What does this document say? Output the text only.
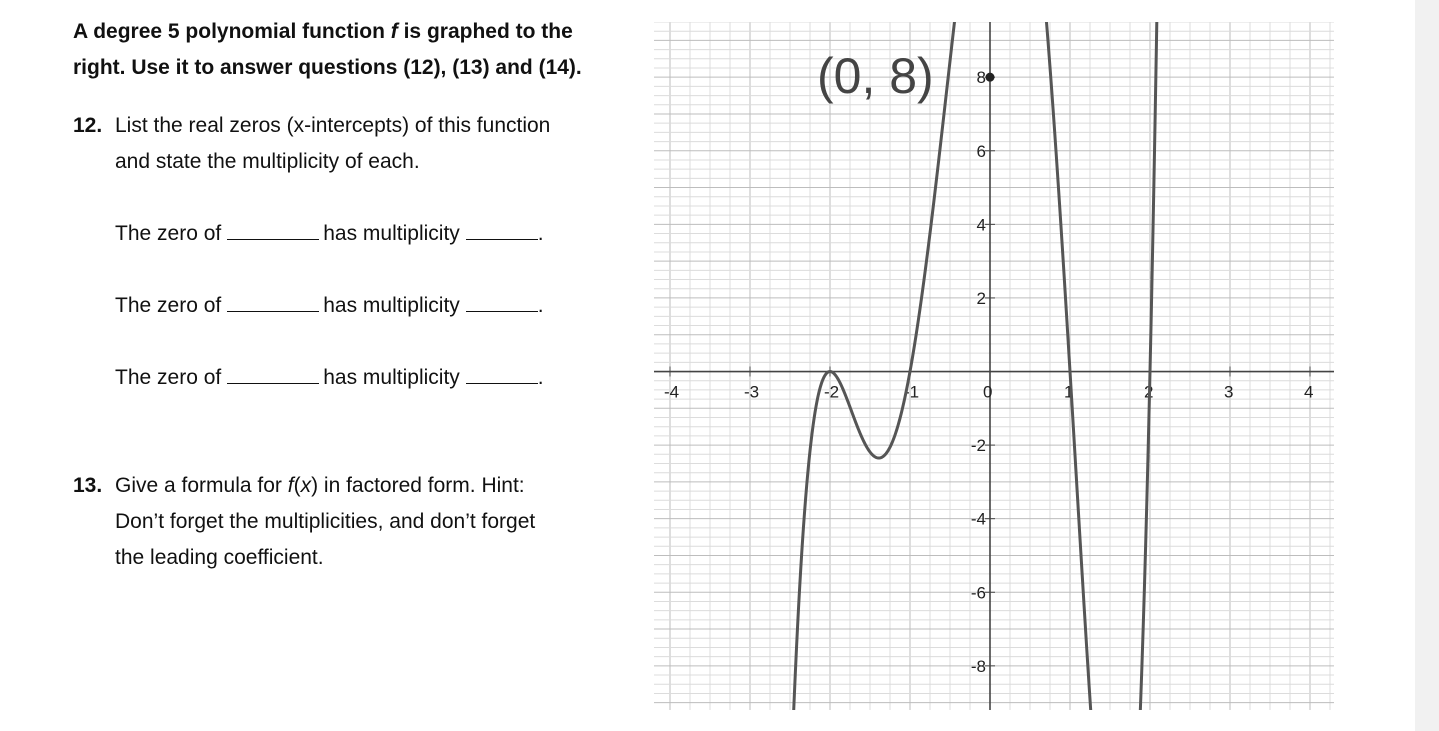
A degree 5 polynomial function f is graphed to the
right. Use it to answer questions (12), (13) and (14).
12. List the real zeros (x-intercepts) of this function
and state the multiplicity of each.
The zero of	has multiplicity	.
The zero of	has multiplicity	.
The zero of	has multiplicity	.
13. Give a formula for f(x) in factored form. Hint:
Don’t forget the multiplicities, and don’t forget
the leading coefficient.
-4	-3	-2	-1	0	1	2	3	4
8
6
4
2
-2
-4
-6
-8
(0, 8)
